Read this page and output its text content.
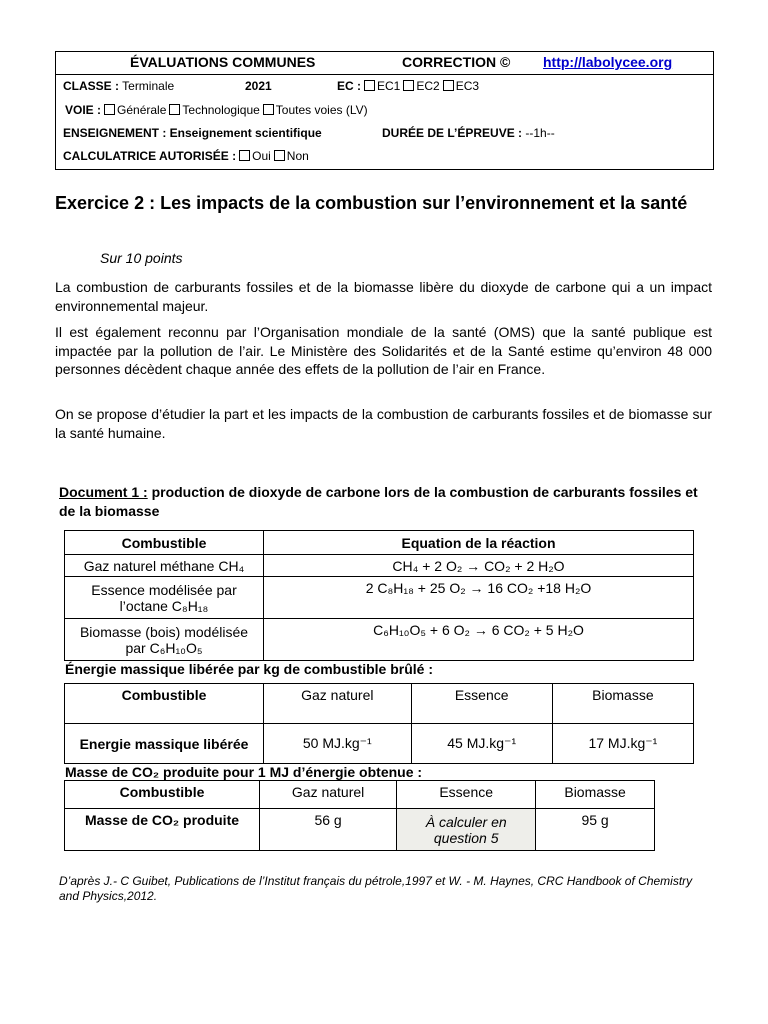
ÉVALUATIONS COMMUNES	CORRECTION © http://labolycee.org
CLASSE : Terminale	2021	EC : EC1 EC2 EC3
VOIE : Générale Technologique Toutes voies (LV)
ENSEIGNEMENT : Enseignement scientifique	DURÉE DE L’ÉPREUVE : --1h--
CALCULATRICE AUTORISÉE : Oui Non
Exercice 2 : Les impacts de la combustion sur l’environnement et la santé
Sur 10 points
La combustion de carburants fossiles et de la biomasse libère du dioxyde de carbone qui a un impact environnemental majeur.
Il est également reconnu par l’Organisation mondiale de la santé (OMS) que la santé publique est impactée par la pollution de l’air. Le Ministère des Solidarités et de la Santé estime qu’environ 48 000 personnes décèdent chaque année des effets de la pollution de l’air en France.
On se propose d’étudier la part et les impacts de la combustion de carburants fossiles et de biomasse sur la santé humaine.
Document 1 : production de dioxyde de carbone lors de la combustion de carburants fossiles et de la biomasse
Combustible	Equation de la réaction
Gaz naturel méthane CH₄	CH₄ + 2 O₂ → CO₂ + 2 H₂O
Essence modélisée par l’octane C₈H₁₈	2 C₈H₁₈ + 25 O₂ → 16 CO₂ +18 H₂O
Biomasse (bois) modélisée par C₆H₁₀O₅	C₆H₁₀O₅ + 6 O₂ → 6 CO₂ + 5 H₂O
Énergie massique libérée par kg de combustible brûlé :
Combustible	Gaz naturel	Essence	Biomasse
Energie massique libérée	50 MJ.kg⁻¹	45 MJ.kg⁻¹	17 MJ.kg⁻¹
Masse de CO₂ produite pour 1 MJ d’énergie obtenue :
Combustible	Gaz naturel	Essence	Biomasse
Masse de CO₂ produite	56 g	À calculer en question 5	95 g
D’après J.- C Guibet, Publications de l’Institut français du pétrole,1997 et W. - M. Haynes, CRC Handbook of Chemistry and Physics,2012.
